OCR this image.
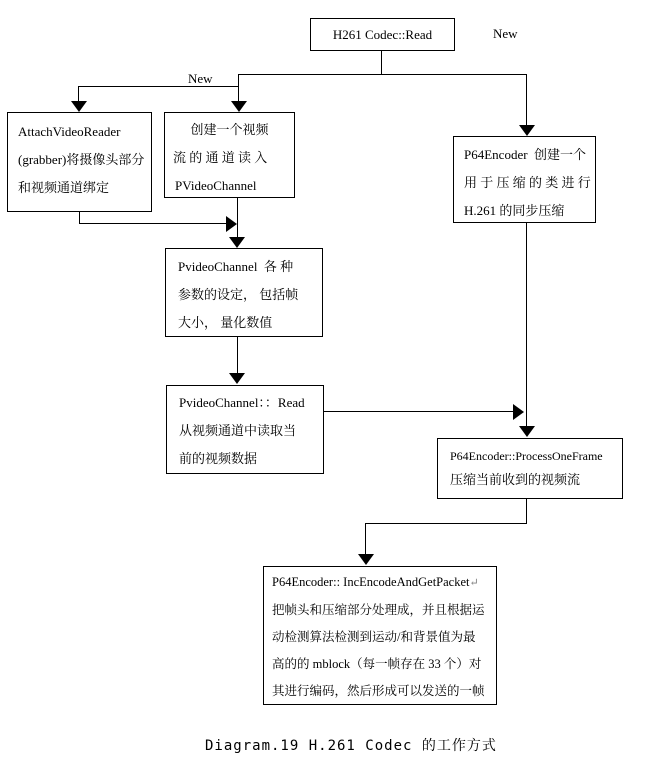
H261 Codec::Read
AttachVideoReader
(grabber)将摄像头部分
和视频通道绑定
创建一个视频
流 的 通 道 读 入
PVideoChannel
P64Encoder  创建一个
用 于 压 缩 的 类 进 行
H.261 的同步压缩
PvideoChannel  各 种
参数的设定， 包括帧
大小， 量化数值
PvideoChannel：：Read
从视频通道中读取当
前的视频数据	P64Encoder::ProcessOneFrame
压缩当前收到的视频流
P64Encoder:: IncEncodeAndGetPacket↵
把帧头和压缩部分处理成，并且根据运
动检测算法检测到运动/和背景值为最
高的的 mblock（每一帧存在 33 个）对
其进行编码，然后形成可以发送的一帧
New
New
Diagram.19 H.261 Codec 的工作方式
